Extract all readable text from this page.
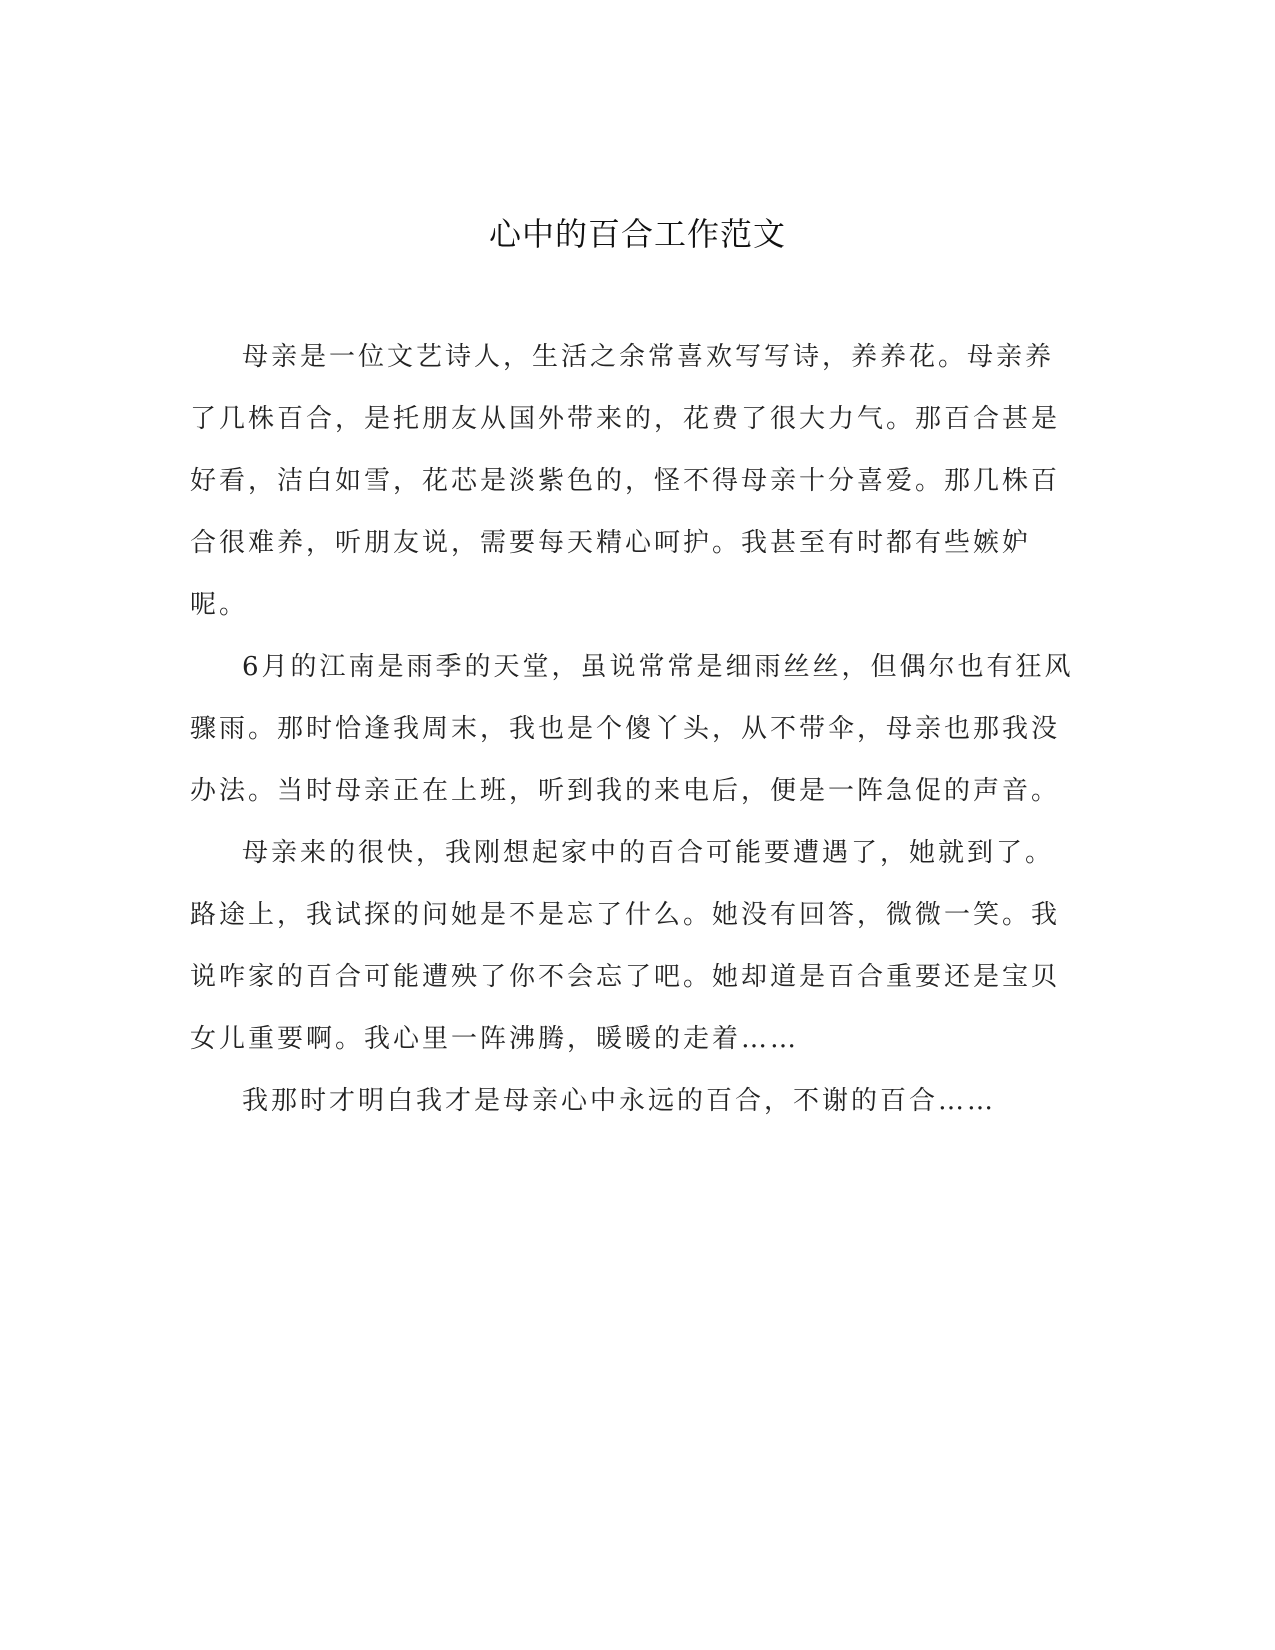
心中的百合工作范文

母亲是一位文艺诗人，生活之余常喜欢写写诗，养养花。母亲养了几株百合，是托朋友从国外带来的，花费了很大力气。那百合甚是好看，洁白如雪，花芯是淡紫色的，怪不得母亲十分喜爱。那几株百合很难养，听朋友说，需要每天精心呵护。我甚至有时都有些嫉妒呢。

6月的江南是雨季的天堂，虽说常常是细雨丝丝，但偶尔也有狂风骤雨。那时恰逢我周末，我也是个傻丫头，从不带伞，母亲也那我没办法。当时母亲正在上班，听到我的来电后，便是一阵急促的声音。

母亲来的很快，我刚想起家中的百合可能要遭遇了，她就到了。路途上，我试探的问她是不是忘了什么。她没有回答，微微一笑。我说咋家的百合可能遭殃了你不会忘了吧。她却道是百合重要还是宝贝女儿重要啊。我心里一阵沸腾，暖暖的走着……

我那时才明白我才是母亲心中永远的百合，不谢的百合……
